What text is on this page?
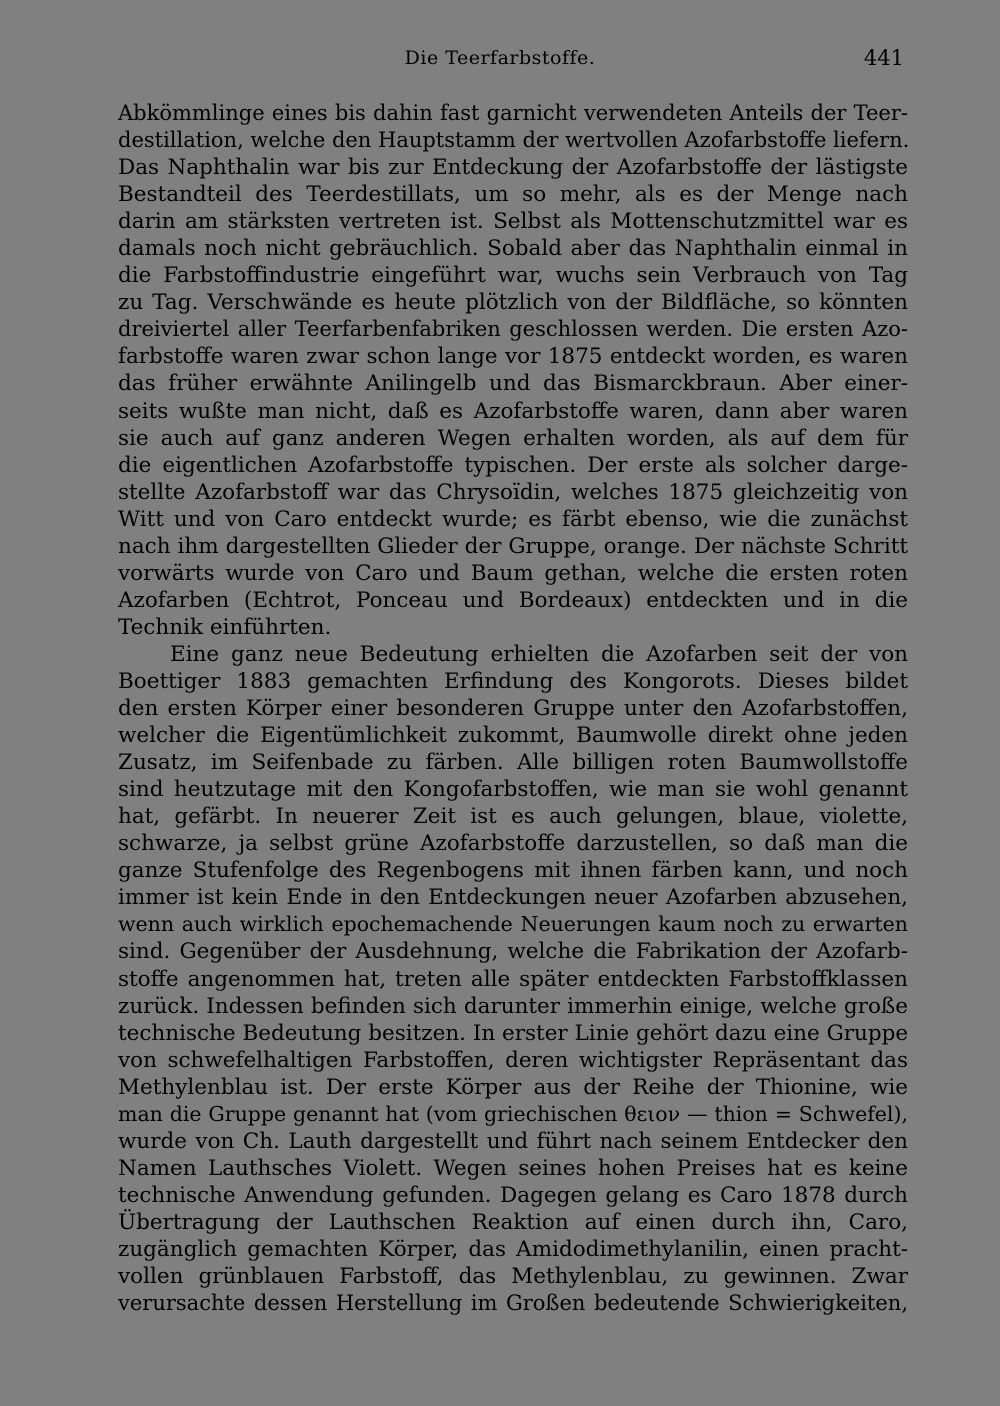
Die Teerfarbstoffe.	441
Abkömmlinge eines bis dahin fast garnicht verwendeten Anteils der Teer-
destillation, welche den Hauptstamm der wertvollen Azofarbstoffe liefern.
Das Naphthalin war bis zur Entdeckung der Azofarbstoffe der lästigste
Bestandteil des Teerdestillats, um so mehr, als es der Menge nach
darin am stärksten vertreten ist. Selbst als Mottenschutzmittel war es
damals noch nicht gebräuchlich. Sobald aber das Naphthalin einmal in
die Farbstoffindustrie eingeführt war, wuchs sein Verbrauch von Tag
zu Tag. Verschwände es heute plötzlich von der Bildfläche, so könnten
dreiviertel aller Teerfarbenfabriken geschlossen werden. Die ersten Azo-
farbstoffe waren zwar schon lange vor 1875 entdeckt worden, es waren
das früher erwähnte Anilingelb und das Bismarckbraun. Aber einer-
seits wußte man nicht, daß es Azofarbstoffe waren, dann aber waren
sie auch auf ganz anderen Wegen erhalten worden, als auf dem für
die eigentlichen Azofarbstoffe typischen. Der erste als solcher darge-
stellte Azofarbstoff war das Chrysoïdin, welches 1875 gleichzeitig von
Witt und von Caro entdeckt wurde; es färbt ebenso, wie die zunächst
nach ihm dargestellten Glieder der Gruppe, orange. Der nächste Schritt
vorwärts wurde von Caro und Baum gethan, welche die ersten roten
Azofarben (Echtrot, Ponceau und Bordeaux) entdeckten und in die
Technik einführten.
Eine ganz neue Bedeutung erhielten die Azofarben seit der von
Boettiger 1883 gemachten Erfindung des Kongorots. Dieses bildet
den ersten Körper einer besonderen Gruppe unter den Azofarbstoffen,
welcher die Eigentümlichkeit zukommt, Baumwolle direkt ohne jeden
Zusatz, im Seifenbade zu färben. Alle billigen roten Baumwollstoffe
sind heutzutage mit den Kongofarbstoffen, wie man sie wohl genannt
hat, gefärbt. In neuerer Zeit ist es auch gelungen, blaue, violette,
schwarze, ja selbst grüne Azofarbstoffe darzustellen, so daß man die
ganze Stufenfolge des Regenbogens mit ihnen färben kann, und noch
immer ist kein Ende in den Entdeckungen neuer Azofarben abzusehen,
wenn auch wirklich epochemachende Neuerungen kaum noch zu erwarten
sind. Gegenüber der Ausdehnung, welche die Fabrikation der Azofarb-
stoffe angenommen hat, treten alle später entdeckten Farbstoffklassen
zurück. Indessen befinden sich darunter immerhin einige, welche große
technische Bedeutung besitzen. In erster Linie gehört dazu eine Gruppe
von schwefelhaltigen Farbstoffen, deren wichtigster Repräsentant das
Methylenblau ist. Der erste Körper aus der Reihe der Thionine, wie
man die Gruppe genannt hat (vom griechischen θειον — thion = Schwefel),
wurde von Ch. Lauth dargestellt und führt nach seinem Entdecker den
Namen Lauthsches Violett. Wegen seines hohen Preises hat es keine
technische Anwendung gefunden. Dagegen gelang es Caro 1878 durch
Übertragung der Lauthschen Reaktion auf einen durch ihn, Caro,
zugänglich gemachten Körper, das Amidodimethylanilin, einen pracht-
vollen grünblauen Farbstoff, das Methylenblau, zu gewinnen. Zwar
verursachte dessen Herstellung im Großen bedeutende Schwierigkeiten,
